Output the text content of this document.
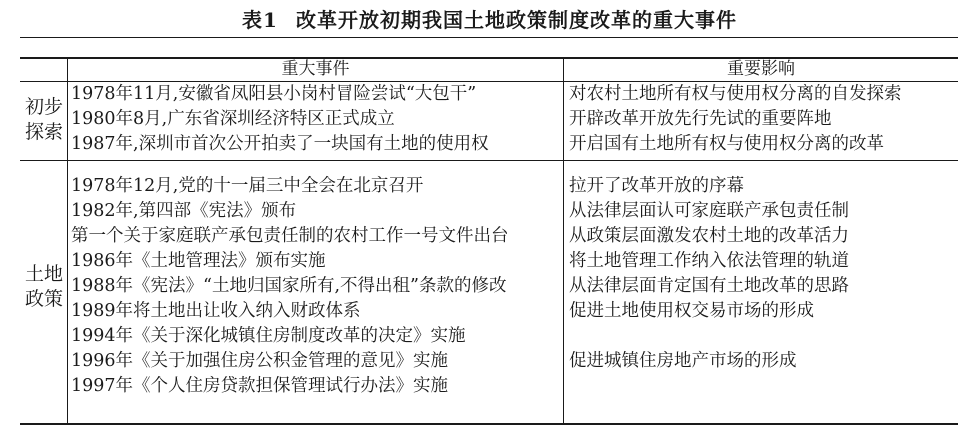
表1 改革开放初期我国土地政策制度改革的重大事件
重大事件	重要影响
初步
探索
1978年11月,安徽省凤阳县小岗村冒险尝试“大包干”
1980年8月,广东省深圳经济特区正式成立
1987年,深圳市首次公开拍卖了一块国有土地的使用权
对农村土地所有权与使用权分离的自发探索
开辟改革开放先行先试的重要阵地
开启国有土地所有权与使用权分离的改革
土地
政策
1978年12月,党的十一届三中全会在北京召开
1982年,第四部《宪法》颁布
第一个关于家庭联产承包责任制的农村工作一号文件出台
1986年《土地管理法》颁布实施
1988年《宪法》“土地归国家所有,不得出租”条款的修改
1989年将土地出让收入纳入财政体系
1994年《关于深化城镇住房制度改革的决定》实施
1996年《关于加强住房公积金管理的意见》实施
1997年《个人住房贷款担保管理试行办法》实施
拉开了改革开放的序幕
从法律层面认可家庭联产承包责任制
从政策层面激发农村土地的改革活力
将土地管理工作纳入依法管理的轨道
从法律层面肯定国有土地改革的思路
促进土地使用权交易市场的形成
促进城镇住房地产市场的形成
